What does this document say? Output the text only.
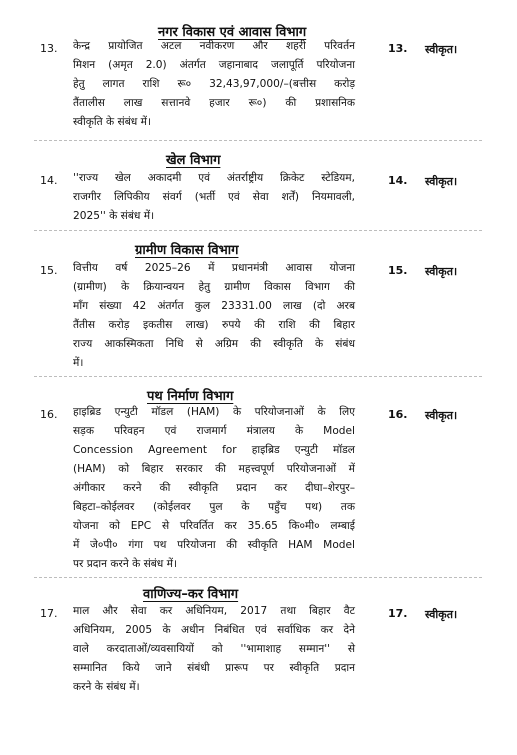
नगर विकास एवं आवास विभाग
13. केन्द्र प्रायोजित अटल नवीकरण और शहरी परिवर्तन
मिशन (अमृत 2.0) अंतर्गत जहानाबाद जलापूर्ति परियोजना
हेतु लागत राशि रू० 32,43,97,000/–(बत्तीस करोड़
तैंतालीस लाख सत्तानवे हजार रू०) की प्रशासनिक
स्वीकृति के संबंध में।
13. स्वीकृत।
खेल विभाग
14. ''राज्य खेल अकादमी एवं अंतर्राष्ट्रीय क्रिकेट स्टेडियम,
राजगीर लिपिकीय संवर्ग (भर्ती एवं सेवा शर्तें) नियमावली,
2025'' के संबंध में।
14. स्वीकृत।
ग्रामीण विकास विभाग
15. वित्तीय वर्ष 2025–26 में प्रधानमंत्री आवास योजना
(ग्रामीण) के क्रियान्वयन हेतु ग्रामीण विकास विभाग की
माँग संख्या 42 अंतर्गत कुल 23331.00 लाख (दो अरब
तैंतीस करोड़ इकतीस लाख) रुपये की राशि की बिहार
राज्य आकस्मिकता निधि से अग्रिम की स्वीकृति के संबंध
में।
15. स्वीकृत।
पथ निर्माण विभाग
16. हाइब्रिड एन्युटी मॉडल (HAM) के परियोजनाओं के लिए
सड़क परिवहन एवं राजमार्ग मंत्रालय के Model
Concession Agreement for हाइब्रिड एन्युटी मॉडल
(HAM) को बिहार सरकार की महत्त्वपूर्ण परियोजनाओं में
अंगीकार करने की स्वीकृति प्रदान कर दीघा–शेरपुर–
बिहटा–कोईलवर (कोईलवर पुल के पहुँच पथ) तक
योजना को EPC से परिवर्तित कर 35.65 कि०मी० लम्बाई
में जे०पी० गंगा पथ परियोजना की स्वीकृति HAM Model
पर प्रदान करने के संबंध में।
16. स्वीकृत।
वाणिज्य–कर विभाग
17. माल और सेवा कर अधिनियम, 2017 तथा बिहार वैट
अधिनियम, 2005 के अधीन निबंधित एवं सर्वाधिक कर देने
वाले करदाताओं/व्यवसायियों को ''भामाशाह सम्मान'' से
सम्मानित किये जाने संबंधी प्रारूप पर स्वीकृति प्रदान
करने के संबंध में।
17. स्वीकृत।
